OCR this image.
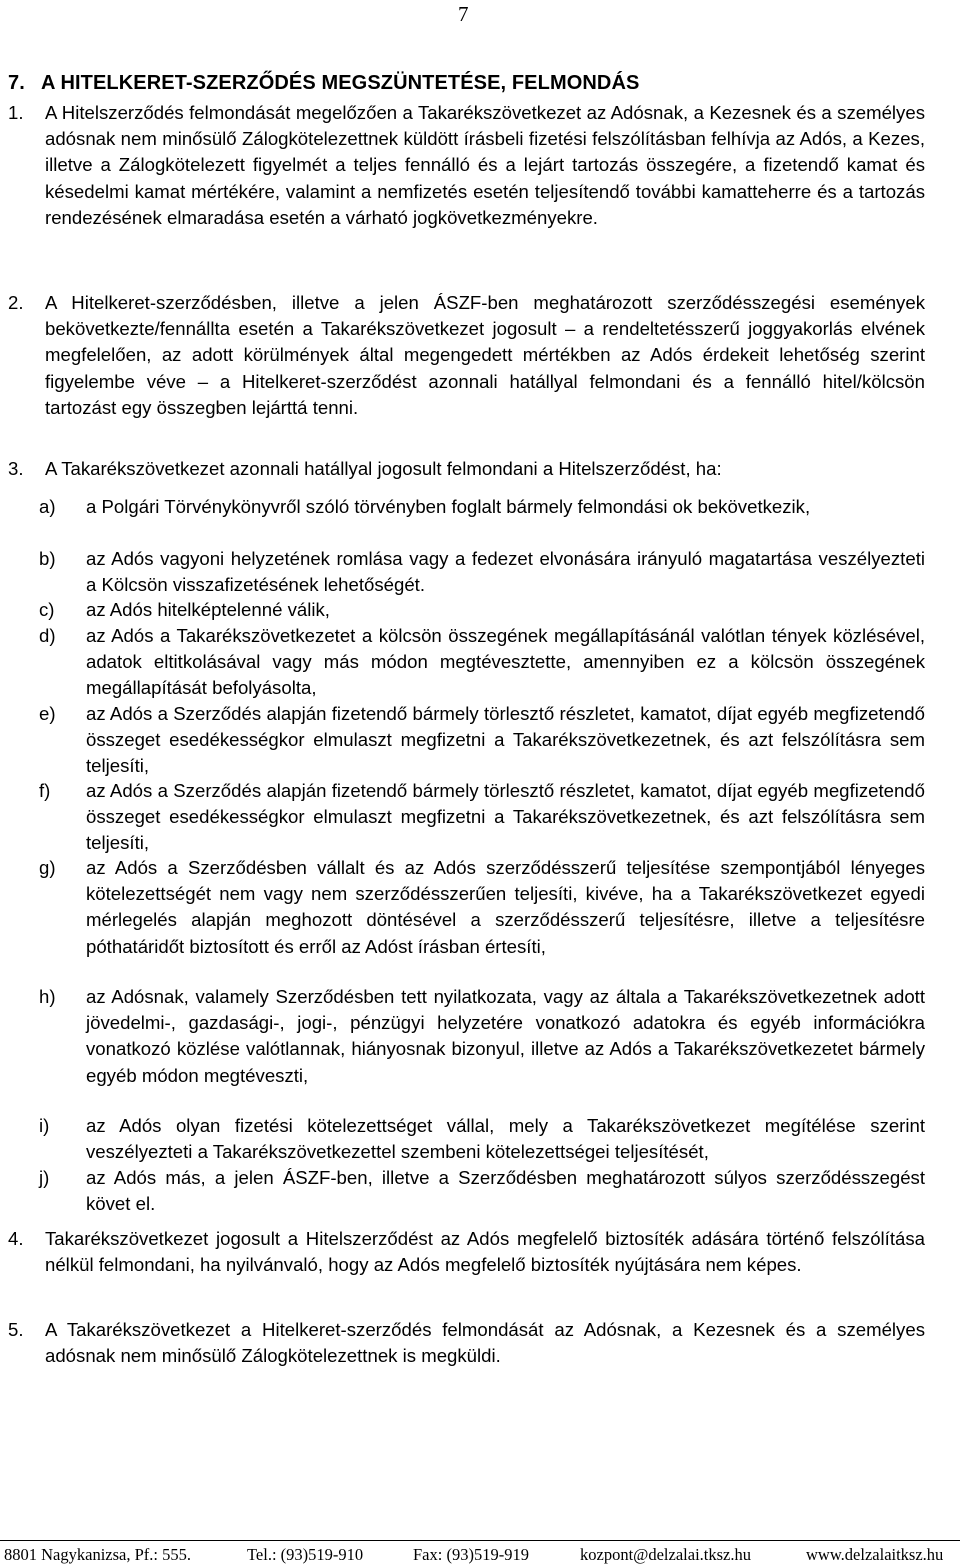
7
7. A HITELKERET-SZERZŐDÉS MEGSZÜNTETÉSE, FELMONDÁS
1. A Hitelszerződés felmondását megelőzően a Takarékszövetkezet az Adósnak, a Kezesnek és a személyes adósnak nem minősülő Zálogkötelezettnek küldött írásbeli fizetési felszólításban felhívja az Adós, a Kezes, illetve a Zálogkötelezett figyelmét a teljes fennálló és a lejárt tartozás összegére, a fizetendő kamat és késedelmi kamat mértékére, valamint a nemfizetés esetén teljesítendő további kamatteherre és a tartozás rendezésének elmaradása esetén a várható jogkövetkezményekre.
2. A Hitelkeret-szerződésben, illetve a jelen ÁSZF-ben meghatározott szerződésszegési események bekövetkezte/fennállta esetén a Takarékszövetkezet jogosult – a rendeltetésszerű joggyakorlás elvének megfelelően, az adott körülmények által megengedett mértékben az Adós érdekeit lehetőség szerint figyelembe véve – a Hitelkeret-szerződést azonnali hatállyal felmondani és a fennálló hitel/kölcsön tartozást egy összegben lejárttá tenni.
3. A Takarékszövetkezet azonnali hatállyal jogosult felmondani a Hitelszerződést, ha:
a) a Polgári Törvénykönyvről szóló törvényben foglalt bármely felmondási ok bekövetkezik,
b) az Adós vagyoni helyzetének romlása vagy a fedezet elvonására irányuló magatartása veszélyezteti a Kölcsön visszafizetésének lehetőségét.
c) az Adós hitelképtelenné válik,
d) az Adós a Takarékszövetkezetet a kölcsön összegének megállapításánál valótlan tények közlésével, adatok eltitkolásával vagy más módon megtévesztette, amennyiben ez a kölcsön összegének megállapítását befolyásolta,
e) az Adós a Szerződés alapján fizetendő bármely törlesztő részletet, kamatot, díjat egyéb megfizetendő összeget esedékességkor elmulaszt megfizetni a Takarékszövetkezetnek, és azt felszólításra sem teljesíti,
f) az Adós a Szerződés alapján fizetendő bármely törlesztő részletet, kamatot, díjat egyéb megfizetendő összeget esedékességkor elmulaszt megfizetni a Takarékszövetkezetnek, és azt felszólításra sem teljesíti,
g) az Adós a Szerződésben vállalt és az Adós szerződésszerű teljesítése szempontjából lényeges kötelezettségét nem vagy nem szerződésszerűen teljesíti, kivéve, ha a Takarékszövetkezet egyedi mérlegelés alapján meghozott döntésével a szerződésszerű teljesítésre, illetve a teljesítésre póthatáridőt biztosított és erről az Adóst írásban értesíti,
h) az Adósnak, valamely Szerződésben tett nyilatkozata, vagy az általa a Takarékszövetkezetnek adott jövedelmi-, gazdasági-, jogi-, pénzügyi helyzetére vonatkozó adatokra és egyéb információkra vonatkozó közlése valótlannak, hiányosnak bizonyul, illetve az Adós a Takarékszövetkezetet bármely egyéb módon megtéveszti,
i) az Adós olyan fizetési kötelezettséget vállal, mely a Takarékszövetkezet megítélése szerint veszélyezteti a Takarékszövetkezettel szembeni kötelezettségei teljesítését,
j) az Adós más, a jelen ÁSZF-ben, illetve a Szerződésben meghatározott súlyos szerződésszegést követ el.
4. Takarékszövetkezet jogosult a Hitelszerződést az Adós megfelelő biztosíték adására történő felszólítása nélkül felmondani, ha nyilvánvaló, hogy az Adós megfelelő biztosíték nyújtására nem képes.
5. A Takarékszövetkezet a Hitelkeret-szerződés felmondását az Adósnak, a Kezesnek és a személyes adósnak nem minősülő Zálogkötelezettnek is megküldi.
8801 Nagykanizsa, Pf.: 555.	Tel.: (93)519-910	Fax: (93)519-919	kozpont@delzalai.tksz.hu	www.delzalaitksz.hu
